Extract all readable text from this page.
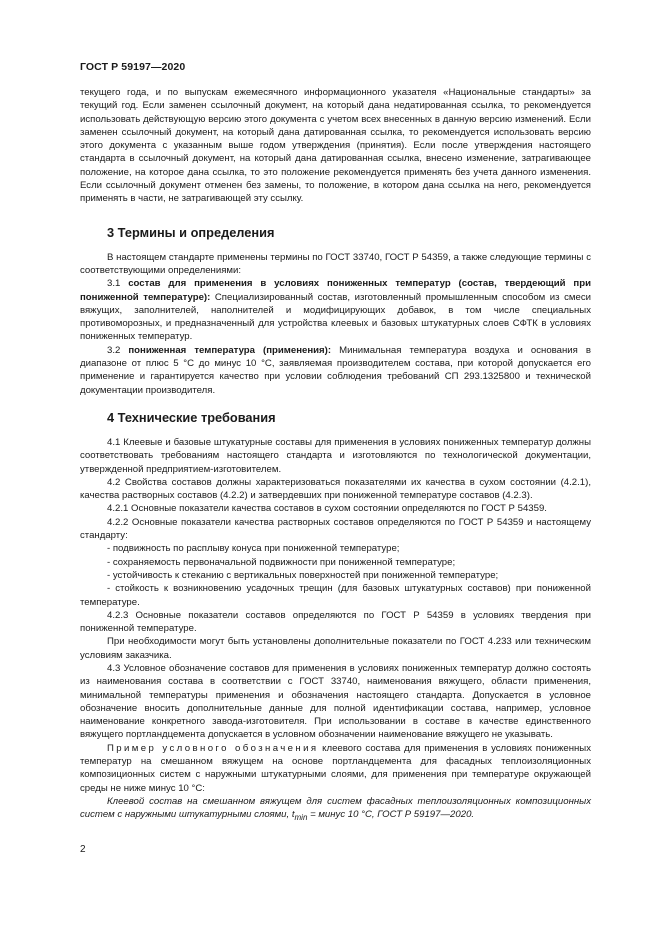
ГОСТ Р 59197—2020

текущего года, и по выпускам ежемесячного информационного указателя «Национальные стандарты» за текущий год. Если заменен ссылочный документ, на который дана недатированная ссылка, то рекомендуется использовать действующую версию этого документа с учетом всех внесенных в данную версию изменений. Если заменен ссылочный документ, на который дана датированная ссылка, то рекомендуется использовать версию этого документа с указанным выше годом утверждения (принятия). Если после утверждения настоящего стандарта в ссылочный документ, на который дана датированная ссылка, внесено изменение, затрагивающее положение, на которое дана ссылка, то это положение рекомендуется применять без учета данного изменения. Если ссылочный документ отменен без замены, то положение, в котором дана ссылка на него, рекомендуется применять в части, не затрагивающей эту ссылку.

3 Термины и определения

В настоящем стандарте применены термины по ГОСТ 33740, ГОСТ Р 54359, а также следующие термины с соответствующими определениями:

3.1 состав для применения в условиях пониженных температур (состав, твердеющий при пониженной температуре): Специализированный состав, изготовленный промышленным способом из смеси вяжущих, заполнителей, наполнителей и модифицирующих добавок, в том числе специальных противоморозных, и предназначенный для устройства клеевых и базовых штукатурных слоев СФТК в условиях пониженных температур.

3.2 пониженная температура (применения): Минимальная температура воздуха и основания в диапазоне от плюс 5 °С до минус 10 °С, заявляемая производителем состава, при которой допускается его применение и гарантируется качество при условии соблюдения требований СП 293.1325800 и технической документации производителя.

4 Технические требования

4.1 Клеевые и базовые штукатурные составы для применения в условиях пониженных температур должны соответствовать требованиям настоящего стандарта и изготовляются по технологической документации, утвержденной предприятием-изготовителем.

4.2 Свойства составов должны характеризоваться показателями их качества в сухом состоянии (4.2.1), качества растворных составов (4.2.2) и затвердевших при пониженной температуре составов (4.2.3).

4.2.1 Основные показатели качества составов в сухом состоянии определяются по ГОСТ Р 54359.

4.2.2 Основные показатели качества растворных составов определяются по ГОСТ Р 54359 и настоящему стандарту:

- подвижность по расплыву конуса при пониженной температуре;

- сохраняемость первоначальной подвижности при пониженной температуре;

- устойчивость к стеканию с вертикальных поверхностей при пониженной температуре;

- стойкость к возникновению усадочных трещин (для базовых штукатурных составов) при пониженной температуре.

4.2.3 Основные показатели составов определяются по ГОСТ Р 54359 в условиях твердения при пониженной температуре.

При необходимости могут быть установлены дополнительные показатели по ГОСТ 4.233 или техническим условиям заказчика.

4.3 Условное обозначение составов для применения в условиях пониженных температур должно состоять из наименования состава в соответствии с ГОСТ 33740, наименования вяжущего, области применения, минимальной температуры применения и обозначения настоящего стандарта. Допускается в условное обозначение вносить дополнительные данные для полной идентификации состава, например, условное наименование конкретного завода-изготовителя. При использовании в составе в качестве единственного вяжущего портландцемента допускается в условном обозначении наименование вяжущего не указывать.

Пример условного обозначения клеевого состава для применения в условиях пониженных температур на смешанном вяжущем на основе портландцемента для фасадных теплоизоляционных композиционных систем с наружными штукатурными слоями, для применения при температуре окружающей среды не ниже минус 10 °С:

Клеевой состав на смешанном вяжущем для систем фасадных теплоизоляционных композиционных систем с наружными штукатурными слоями, $t_{min}$ = минус 10 °С, ГОСТ Р 59197—2020.

2
